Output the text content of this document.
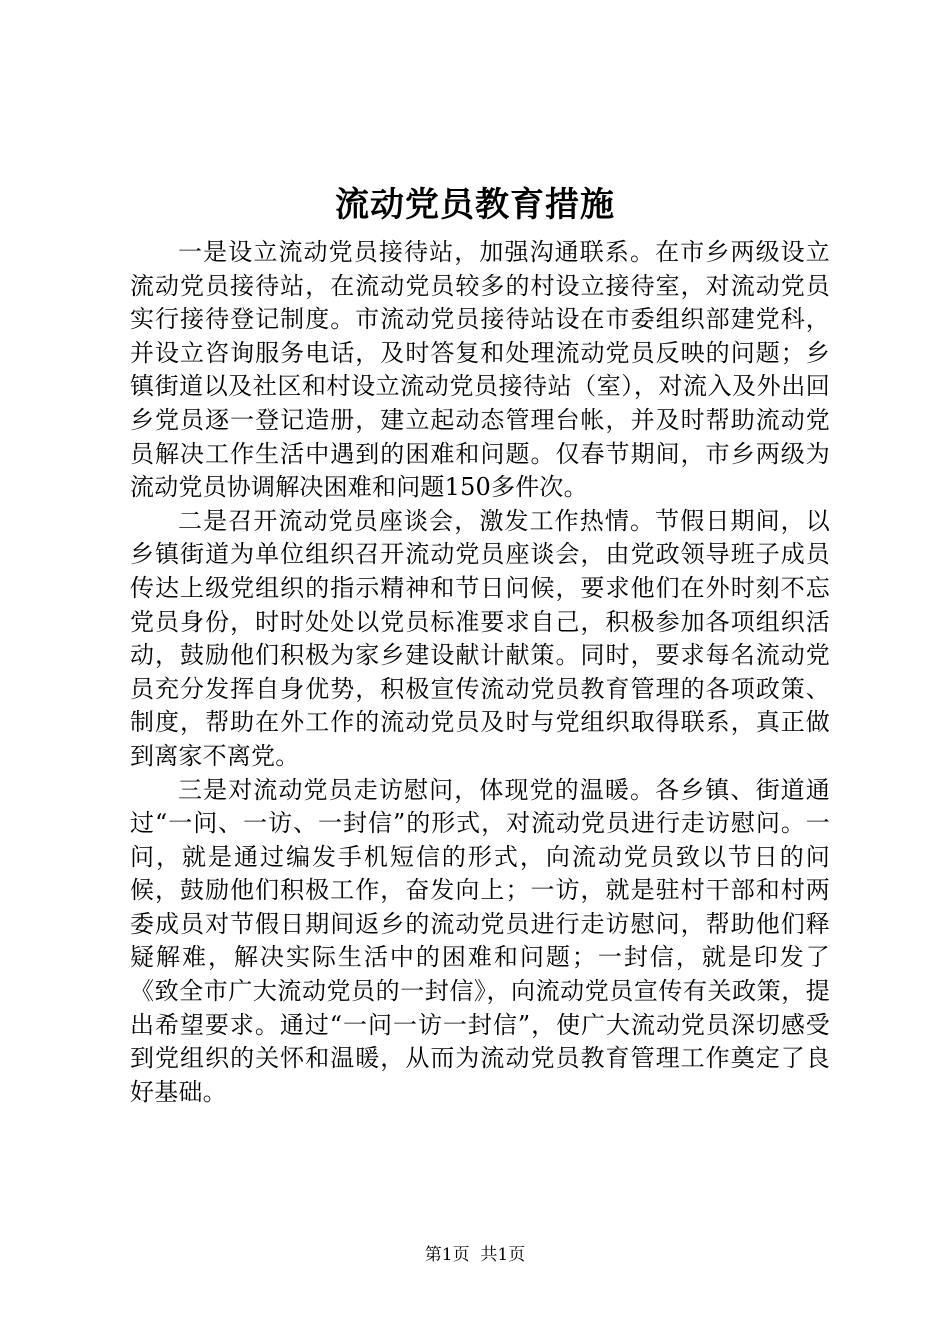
流动党员教育措施

一是设立流动党员接待站，加强沟通联系。在市乡两级设立流动党员接待站，在流动党员较多的村设立接待室，对流动党员实行接待登记制度。市流动党员接待站设在市委组织部建党科，并设立咨询服务电话，及时答复和处理流动党员反映的问题；乡镇街道以及社区和村设立流动党员接待站（室），对流入及外出回乡党员逐一登记造册，建立起动态管理台帐，并及时帮助流动党员解决工作生活中遇到的困难和问题。仅春节期间，市乡两级为流动党员协调解决困难和问题150多件次。

二是召开流动党员座谈会，激发工作热情。节假日期间，以乡镇街道为单位组织召开流动党员座谈会，由党政领导班子成员传达上级党组织的指示精神和节日问候，要求他们在外时刻不忘党员身份，时时处处以党员标准要求自己，积极参加各项组织活动，鼓励他们积极为家乡建设献计献策。同时，要求每名流动党员充分发挥自身优势，积极宣传流动党员教育管理的各项政策、制度，帮助在外工作的流动党员及时与党组织取得联系，真正做到离家不离党。

三是对流动党员走访慰问，体现党的温暖。各乡镇、街道通过“一问、一访、一封信”的形式，对流动党员进行走访慰问。一问，就是通过编发手机短信的形式，向流动党员致以节日的问候，鼓励他们积极工作，奋发向上；一访，就是驻村干部和村两委成员对节假日期间返乡的流动党员进行走访慰问，帮助他们释疑解难，解决实际生活中的困难和问题；一封信，就是印发了《致全市广大流动党员的一封信》，向流动党员宣传有关政策，提出希望要求。通过“一问一访一封信”，使广大流动党员深切感受到党组织的关怀和温暖，从而为流动党员教育管理工作奠定了良好基础。

第1页 共1页
